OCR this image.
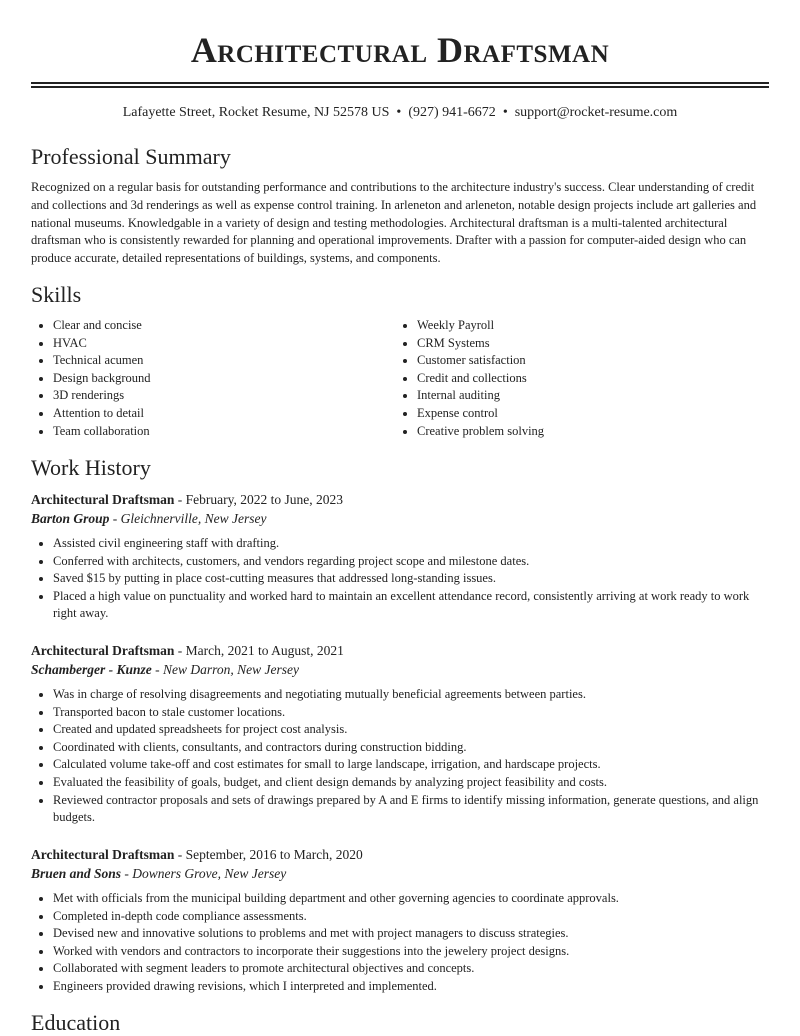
Architectural Draftsman
Lafayette Street, Rocket Resume, NJ 52578 US • (927) 941-6672 • support@rocket-resume.com
Professional Summary
Recognized on a regular basis for outstanding performance and contributions to the architecture industry's success. Clear understanding of credit and collections and 3d renderings as well as expense control training. In arleneton and arleneton, notable design projects include art galleries and national museums. Knowledgable in a variety of design and testing methodologies. Architectural draftsman is a multi-talented architectural draftsman who is consistently rewarded for planning and operational improvements. Drafter with a passion for computer-aided design who can produce accurate, detailed representations of buildings, systems, and components.
Skills
• Clear and concise
• HVAC
• Technical acumen
• Design background
• 3D renderings
• Attention to detail
• Team collaboration
• Weekly Payroll
• CRM Systems
• Customer satisfaction
• Credit and collections
• Internal auditing
• Expense control
• Creative problem solving
Work History
Architectural Draftsman - February, 2022 to June, 2023
Barton Group - Gleichnerville, New Jersey
• Assisted civil engineering staff with drafting.
• Conferred with architects, customers, and vendors regarding project scope and milestone dates.
• Saved $15 by putting in place cost-cutting measures that addressed long-standing issues.
• Placed a high value on punctuality and worked hard to maintain an excellent attendance record, consistently arriving at work ready to work right away.
Architectural Draftsman - March, 2021 to August, 2021
Schamberger - Kunze - New Darron, New Jersey
• Was in charge of resolving disagreements and negotiating mutually beneficial agreements between parties.
• Transported bacon to stale customer locations.
• Created and updated spreadsheets for project cost analysis.
• Coordinated with clients, consultants, and contractors during construction bidding.
• Calculated volume take-off and cost estimates for small to large landscape, irrigation, and hardscape projects.
• Evaluated the feasibility of goals, budget, and client design demands by analyzing project feasibility and costs.
• Reviewed contractor proposals and sets of drawings prepared by A and E firms to identify missing information, generate questions, and align budgets.
Architectural Draftsman - September, 2016 to March, 2020
Bruen and Sons - Downers Grove, New Jersey
• Met with officials from the municipal building department and other governing agencies to coordinate approvals.
• Completed in-depth code compliance assessments.
• Devised new and innovative solutions to problems and met with project managers to discuss strategies.
• Worked with vendors and contractors to incorporate their suggestions into the jewelery project designs.
• Collaborated with segment leaders to promote architectural objectives and concepts.
• Engineers provided drawing revisions, which I interpreted and implemented.
Education
